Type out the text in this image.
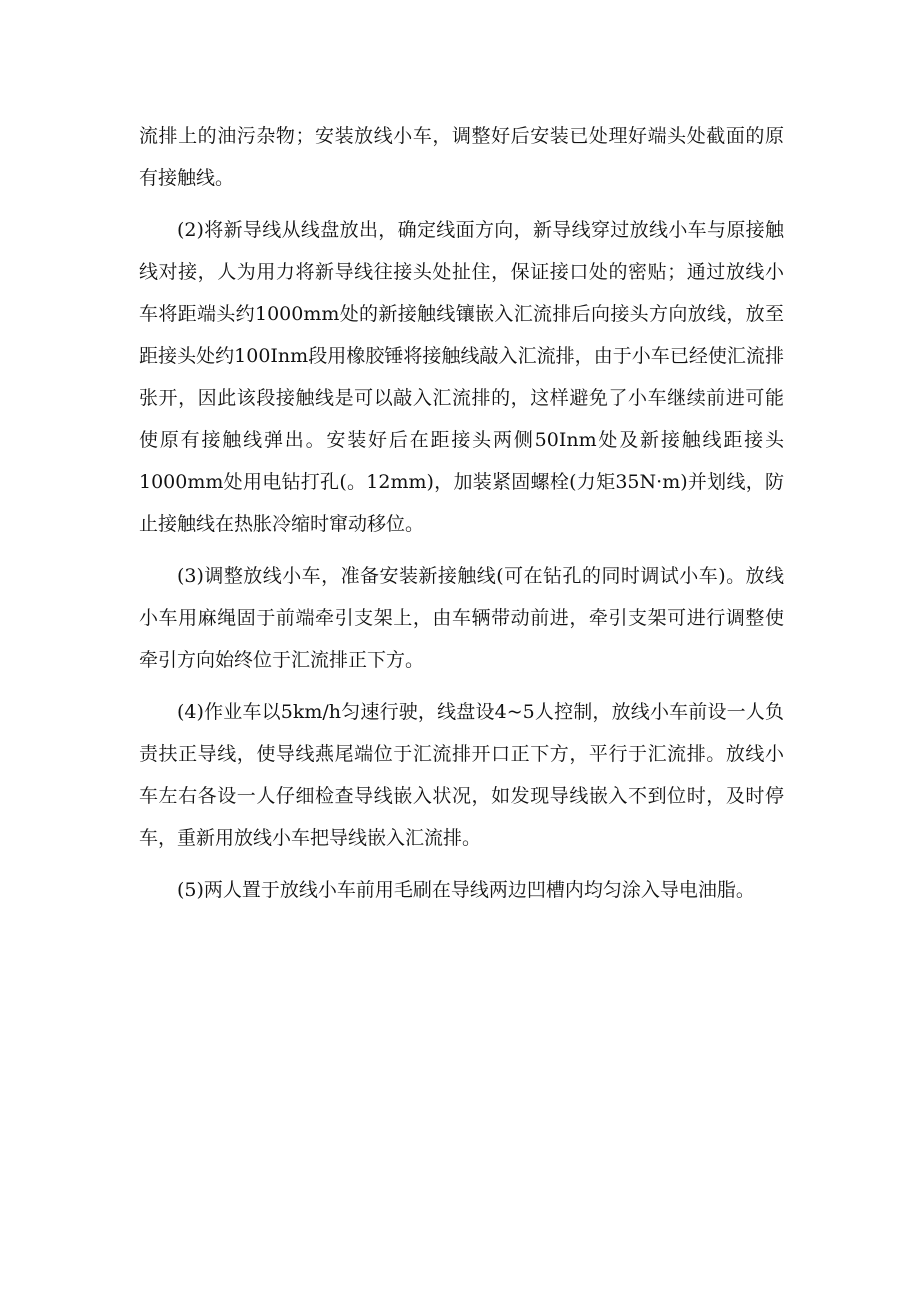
流排上的油污杂物；安装放线小车，调整好后安装已处理好端头处截面的原有接触线。

(2)将新导线从线盘放出，确定线面方向，新导线穿过放线小车与原接触线对接，人为用力将新导线往接头处扯住，保证接口处的密贴；通过放线小车将距端头约1000mm处的新接触线镶嵌入汇流排后向接头方向放线，放至距接头处约100Inm段用橡胶锤将接触线敲入汇流排，由于小车已经使汇流排张开，因此该段接触线是可以敲入汇流排的，这样避免了小车继续前进可能使原有接触线弹出。安装好后在距接头两侧50Inm处及新接触线距接头1000mm处用电钻打孔(。12mm)，加装紧固螺栓(力矩35N·m)并划线，防止接触线在热胀冷缩时窜动移位。

(3)调整放线小车，准备安装新接触线(可在钻孔的同时调试小车)。放线小车用麻绳固于前端牵引支架上，由车辆带动前进，牵引支架可进行调整使牵引方向始终位于汇流排正下方。

(4)作业车以5km/h匀速行驶，线盘设4~5人控制，放线小车前设一人负责扶正导线，使导线燕尾端位于汇流排开口正下方，平行于汇流排。放线小车左右各设一人仔细检查导线嵌入状况，如发现导线嵌入不到位时，及时停车，重新用放线小车把导线嵌入汇流排。

(5)两人置于放线小车前用毛刷在导线两边凹槽内均匀涂入导电油脂。
